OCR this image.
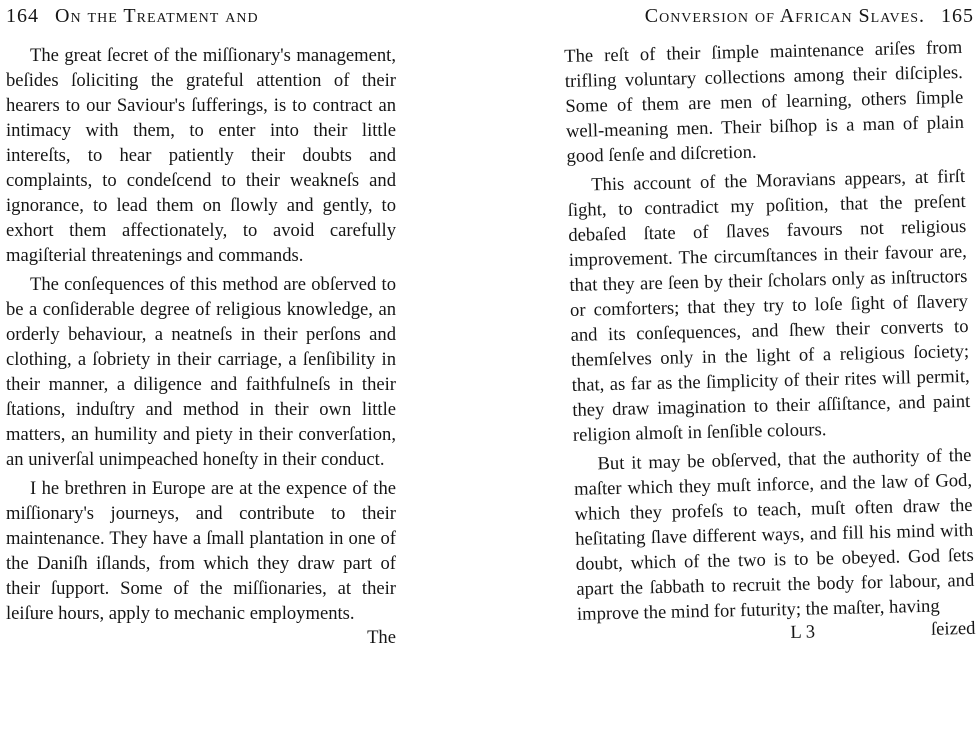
164 On the Treatment and

The great ſecret of the miſſionary's management, beſides ſoliciting the grateful attention of their hearers to our Saviour's ſufferings, is to contract an intimacy with them, to enter into their little intereſts, to hear patiently their doubts and complaints, to condeſcend to their weakneſs and ignorance, to lead them on ſlowly and gently, to exhort them affectionately, to avoid carefully magiſterial threatenings and commands.

The conſequences of this method are obſerved to be a conſiderable degree of religious knowledge, an orderly behaviour, a neatneſs in their perſons and clothing, a ſobriety in their carriage, a ſenſibility in their manner, a diligence and faithfulneſs in their ſtations, induſtry and method in their own little matters, an humility and piety in their converſation, an univerſal unimpeached honeſty in their conduct.

I he brethren in Europe are at the expence of the miſſionary's journeys, and contribute to their maintenance. They have a ſmall plantation in one of the Daniſh iſlands, from which they draw part of their ſupport. Some of the miſſionaries, at their leiſure hours, apply to mechanic employments.

The
Conversion of African Slaves. 165

The reſt of their ſimple maintenance ariſes from trifling voluntary collections among their diſciples. Some of them are men of learning, others ſimple well-meaning men. Their biſhop is a man of plain good ſenſe and diſcretion.

This account of the Moravians appears, at firſt ſight, to contradict my poſition, that the preſent debaſed ſtate of ſlaves favours not religious improvement. The circumſtances in their favour are, that they are ſeen by their ſcholars only as inſtructors or comforters; that they try to loſe ſight of ſlavery and its conſequences, and ſhew their converts to themſelves only in the light of a religious ſociety; that, as far as the ſimplicity of their rites will permit, they draw imagination to their aſſiſtance, and paint religion almoſt in ſenſible colours.

But it may be obſerved, that the authority of the maſter which they muſt inforce, and the law of God, which they profeſs to teach, muſt often draw the heſitating ſlave different ways, and fill his mind with doubt, which of the two is to be obeyed. God ſets apart the ſabbath to recruit the body for labour, and improve the mind for futurity; the maſter, having

L 3	ſeized
